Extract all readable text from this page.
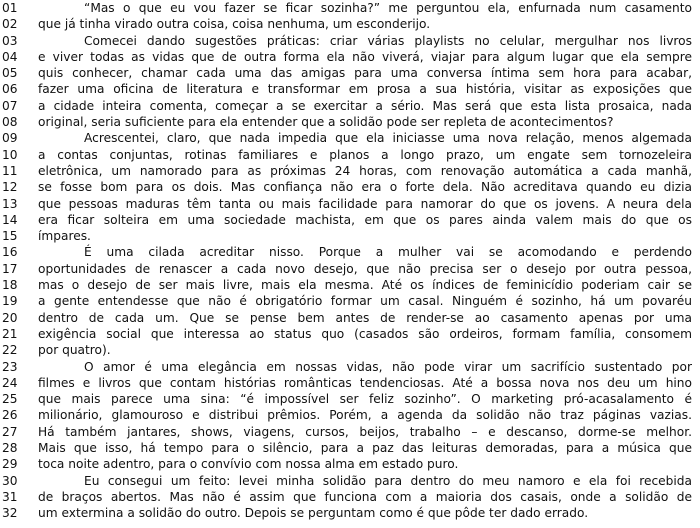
01	“Mas o que eu vou fazer se ficar sozinha?” me perguntou ela, enfurnada num casamento
02	que já tinha virado outra coisa, coisa nenhuma, um esconderijo.
03	Comecei dando sugestões práticas: criar várias playlists no celular, mergulhar nos livros
04	e viver todas as vidas que de outra forma ela não viverá, viajar para algum lugar que ela sempre
05	quis conhecer, chamar cada uma das amigas para uma conversa íntima sem hora para acabar,
06	fazer uma oficina de literatura e transformar em prosa a sua história, visitar as exposições que
07	a cidade inteira comenta, começar a se exercitar a sério. Mas será que esta lista prosaica, nada
08	original, seria suficiente para ela entender que a solidão pode ser repleta de acontecimentos?
09	Acrescentei, claro, que nada impedia que ela iniciasse uma nova relação, menos algemada
10	a contas conjuntas, rotinas familiares e planos a longo prazo, um engate sem tornozeleira
11	eletrônica, um namorado para as próximas 24 horas, com renovação automática a cada manhã,
12	se fosse bom para os dois. Mas confiança não era o forte dela. Não acreditava quando eu dizia
13	que pessoas maduras têm tanta ou mais facilidade para namorar do que os jovens. A neura dela
14	era ficar solteira em uma sociedade machista, em que os pares ainda valem mais do que os
15	ímpares.
16	É uma cilada acreditar nisso. Porque a mulher vai se acomodando e perdendo
17	oportunidades de renascer a cada novo desejo, que não precisa ser o desejo por outra pessoa,
18	mas o desejo de ser mais livre, mais ela mesma. Até os índices de feminicídio poderiam cair se
19	a gente entendesse que não é obrigatório formar um casal. Ninguém é sozinho, há um povaréu
20	dentro de cada um. Que se pense bem antes de render-se ao casamento apenas por uma
21	exigência social que interessa ao status quo (casados são ordeiros, formam família, consomem
22	por quatro).
23	O amor é uma elegância em nossas vidas, não pode virar um sacrifício sustentado por
24	filmes e livros que contam histórias românticas tendenciosas. Até a bossa nova nos deu um hino
25	que mais parece uma sina: “é impossível ser feliz sozinho”. O marketing pró-acasalamento é
26	milionário, glamouroso e distribui prêmios. Porém, a agenda da solidão não traz páginas vazias.
27	Há também jantares, shows, viagens, cursos, beijos, trabalho – e descanso, dorme-se melhor.
28	Mais que isso, há tempo para o silêncio, para a paz das leituras demoradas, para a música que
29	toca noite adentro, para o convívio com nossa alma em estado puro.
30	Eu consegui um feito: levei minha solidão para dentro do meu namoro e ela foi recebida
31	de braços abertos. Mas não é assim que funciona com a maioria dos casais, onde a solidão de
32	um extermina a solidão do outro. Depois se perguntam como é que pôde ter dado errado.
